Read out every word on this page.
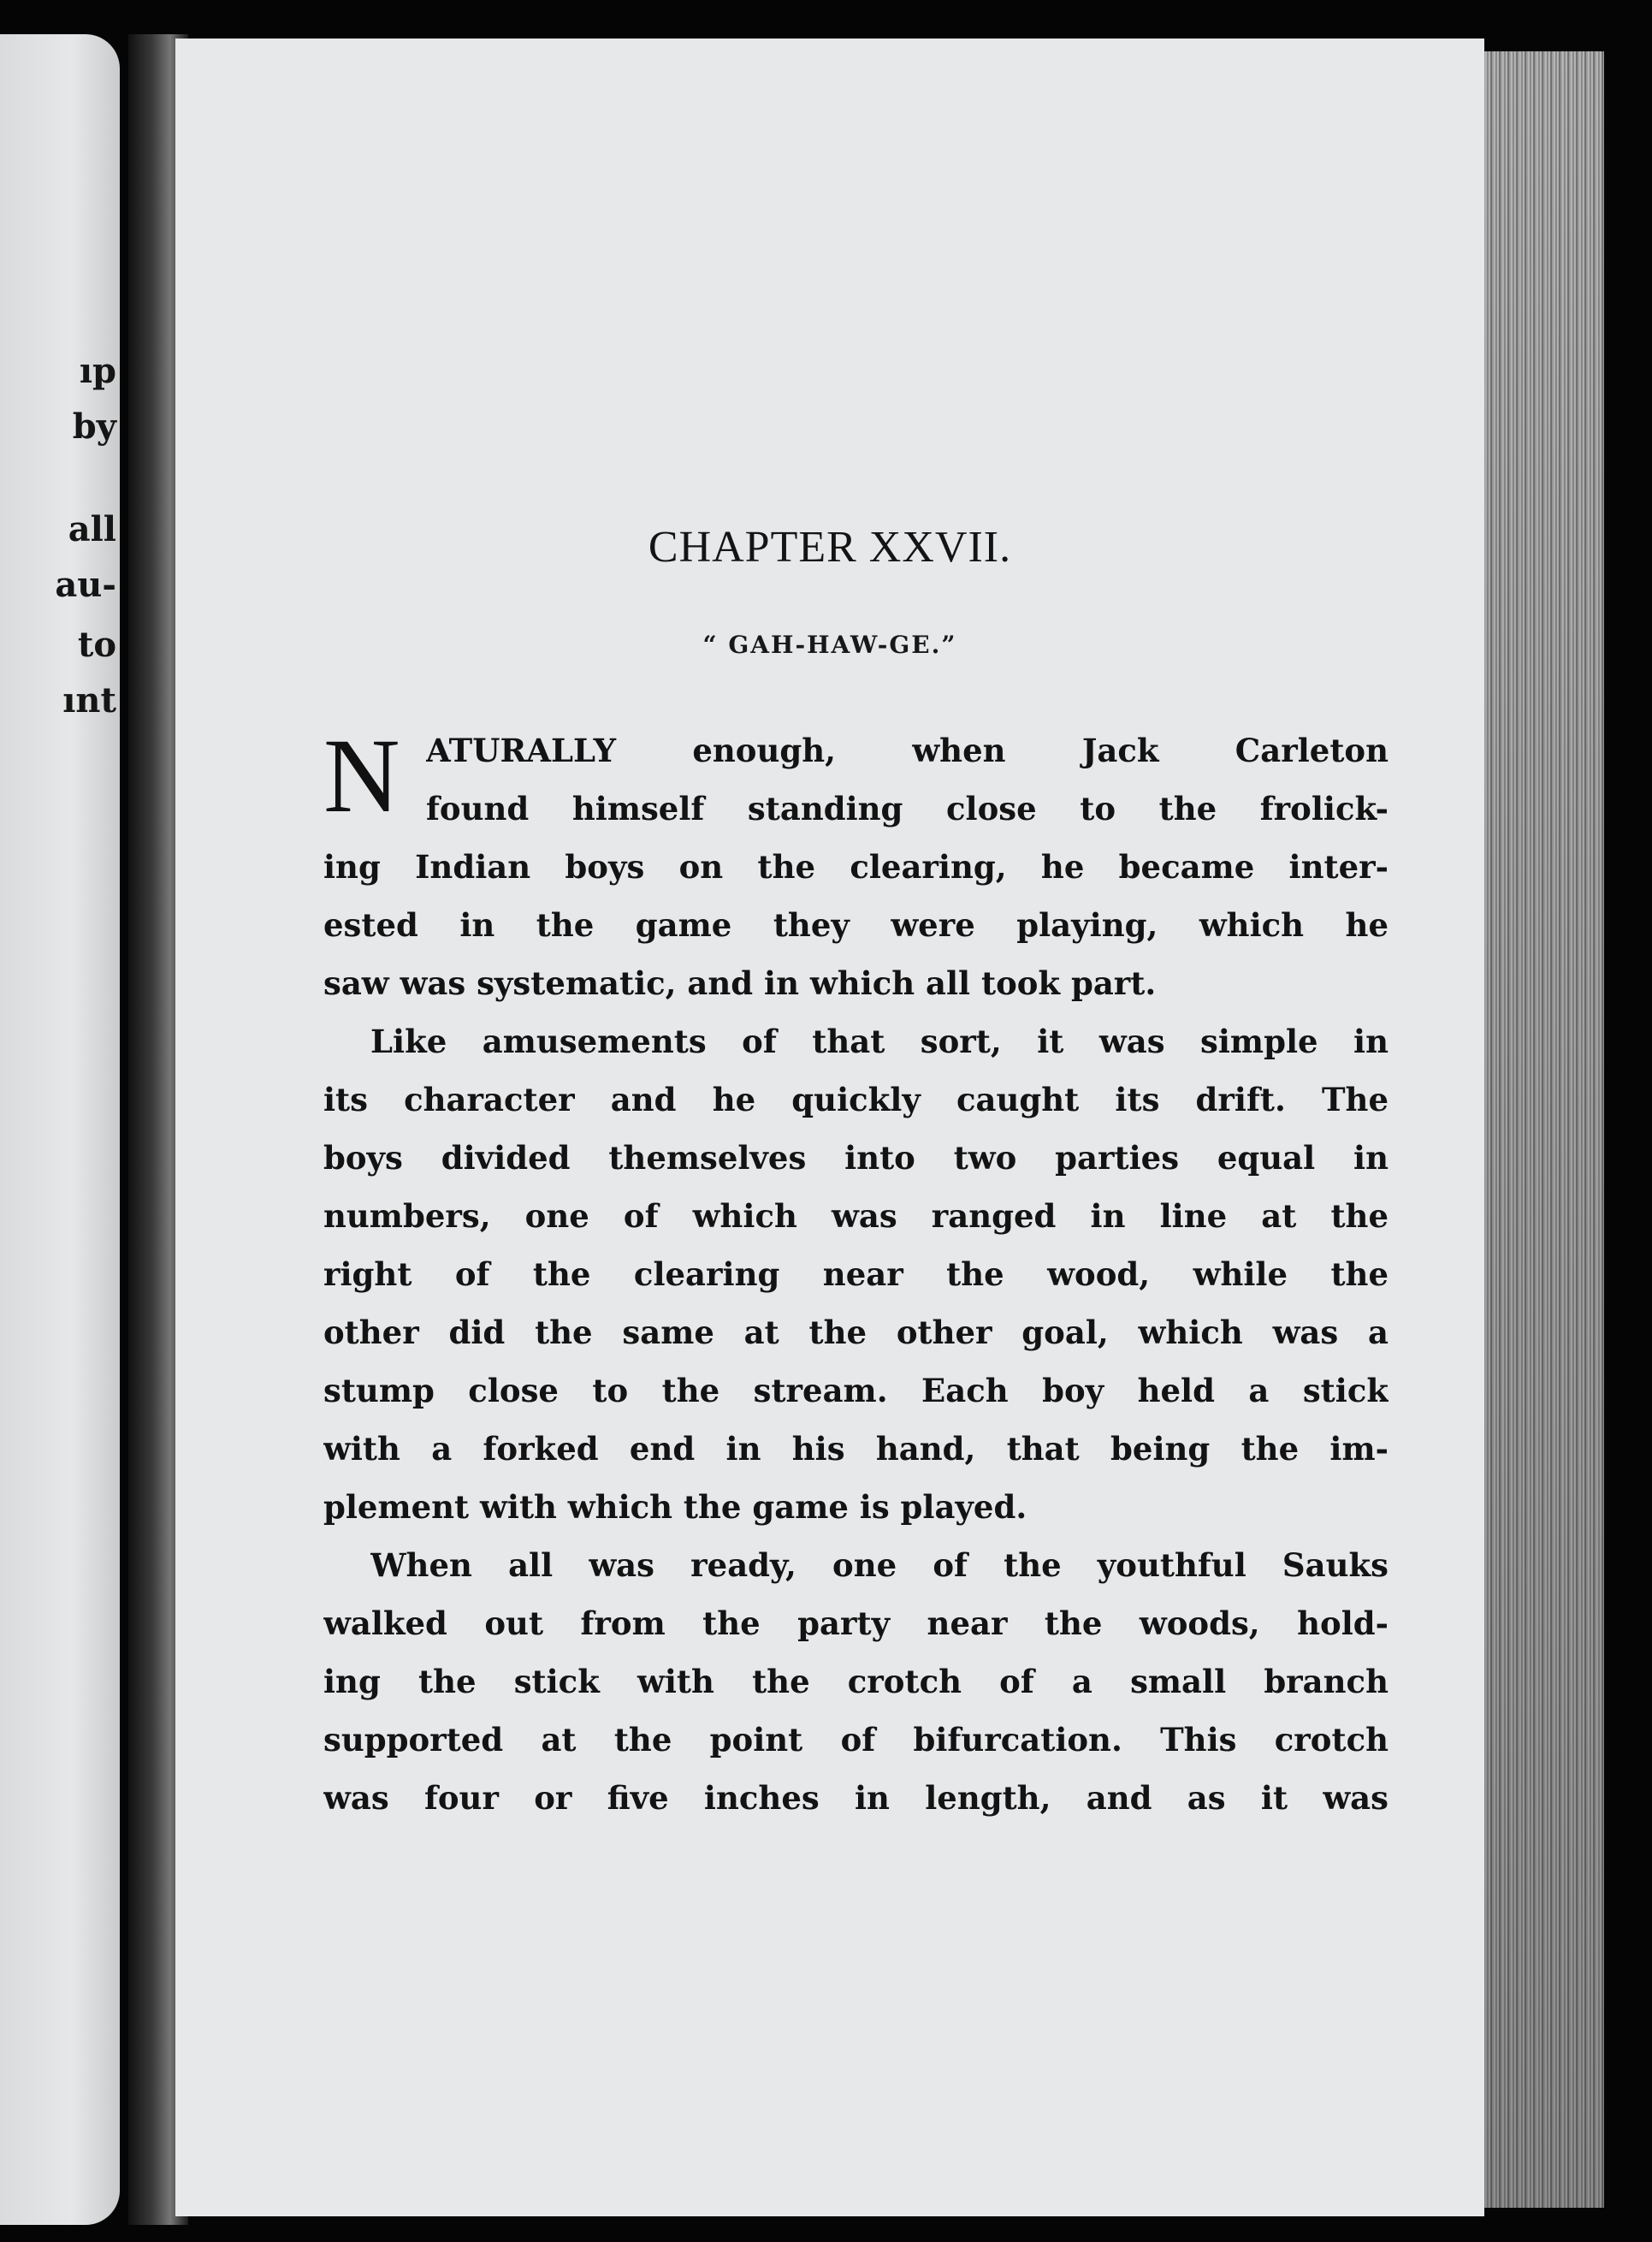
ıp
by
all
au-
to
ınt
CHAPTER XXVII.
“ GAH-HAW-GE.”
N ATURALLY enough, when Jack Carleton
found himself standing close to the frolick-
ing Indian boys on the clearing, he became inter-
ested in the game they were playing, which he
saw was systematic, and in which all took part.
Like amusements of that sort, it was simple in
its character and he quickly caught its drift. The
boys divided themselves into two parties equal in
numbers, one of which was ranged in line at the
right of the clearing near the wood, while the
other did the same at the other goal, which was a
stump close to the stream. Each boy held a stick
with a forked end in his hand, that being the im-
plement with which the game is played.
When all was ready, one of the youthful Sauks
walked out from the party near the woods, hold-
ing the stick with the crotch of a small branch
supported at the point of bifurcation. This crotch
was four or five inches in length, and as it was
